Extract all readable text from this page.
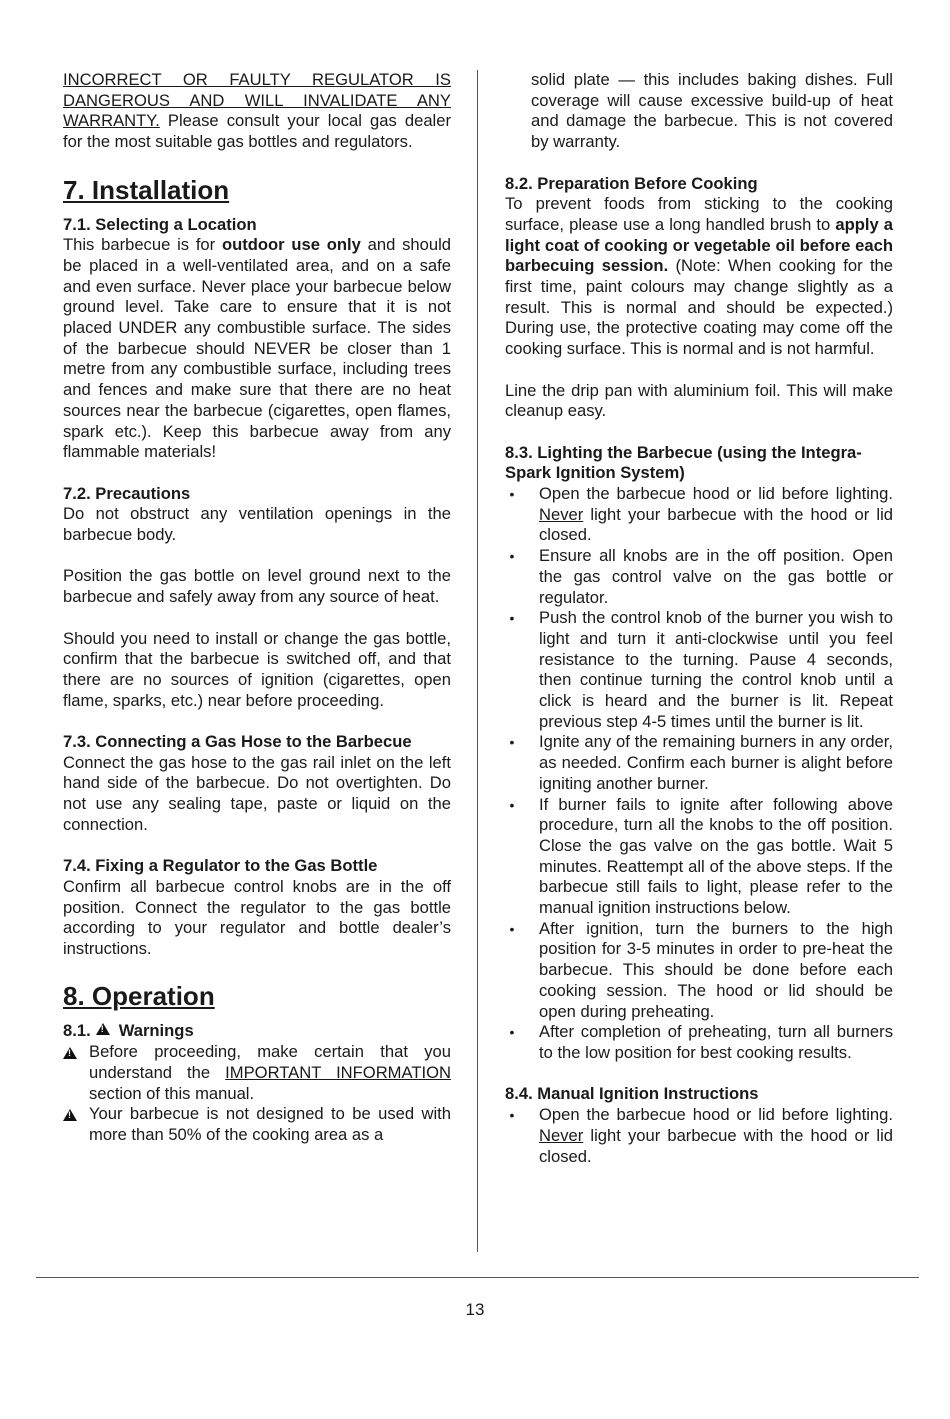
INCORRECT OR FAULTY REGULATOR IS DANGEROUS AND WILL INVALIDATE ANY WARRANTY. Please consult your local gas dealer for the most suitable gas bottles and regulators.

7. Installation
7.1. Selecting a Location

This barbecue is for outdoor use only and should be placed in a well-ventilated area, and on a safe and even surface. Never place your barbecue below ground level. Take care to ensure that it is not placed UNDER any combustible surface. The sides of the barbecue should NEVER be closer than 1 metre from any combustible surface, including trees and fences and make sure that there are no heat sources near the barbecue (cigarettes, open flames, spark etc.). Keep this barbecue away from any flammable materials!

7.2. Precautions

Do not obstruct any ventilation openings in the barbecue body.

Position the gas bottle on level ground next to the barbecue and safely away from any source of heat.

Should you need to install or change the gas bottle, confirm that the barbecue is switched off, and that there are no sources of ignition (cigarettes, open flame, sparks, etc.) near before proceeding.

7.3. Connecting a Gas Hose to the Barbecue

Connect the gas hose to the gas rail inlet on the left hand side of the barbecue. Do not overtighten. Do not use any sealing tape, paste or liquid on the connection.

7.4. Fixing a Regulator to the Gas Bottle

Confirm all barbecue control knobs are in the off position. Connect the regulator to the gas bottle according to your regulator and bottle dealer’s instructions.

8. Operation
8.1.! Warnings
!
Before proceeding, make certain that you understand the IMPORTANT INFORMATION section of this manual.
!
Your barbecue is not designed to be used with more than 50% of the cooking area as a

solid plate — this includes baking dishes. Full coverage will cause excessive build-up of heat and damage the barbecue. This is not covered by warranty.

8.2. Preparation Before Cooking

To prevent foods from sticking to the cooking surface, please use a long handled brush to apply a light coat of cooking or vegetable oil before each barbecuing session. (Note: When cooking for the first time, paint colours may change slightly as a result. This is normal and should be expected.) During use, the protective coating may come off the cooking surface. This is normal and is not harmful.

Line the drip pan with aluminium foil. This will make cleanup easy.

8.3. Lighting the Barbecue (using the Integra-Spark Ignition System)
• Open the barbecue hood or lid before lighting. Never light your barbecue with the hood or lid closed.
• Ensure all knobs are in the off position. Open the gas control valve on the gas bottle or regulator.
• Push the control knob of the burner you wish to light and turn it anti-clockwise until you feel resistance to the turning. Pause 4 seconds, then continue turning the control knob until a click is heard and the burner is lit. Repeat previous step 4-5 times until the burner is lit.
• Ignite any of the remaining burners in any order, as needed. Confirm each burner is alight before igniting another burner.
• If burner fails to ignite after following above procedure, turn all the knobs to the off position. Close the gas valve on the gas bottle. Wait 5 minutes. Reattempt all of the above steps. If the barbecue still fails to light, please refer to the manual ignition instructions below.
• After ignition, turn the burners to the high position for 3-5 minutes in order to pre-heat the barbecue. This should be done before each cooking session. The hood or lid should be open during preheating.
• After completion of preheating, turn all burners to the low position for best cooking results.
8.4. Manual Ignition Instructions
• Open the barbecue hood or lid before lighting. Never light your barbecue with the hood or lid closed.
13
